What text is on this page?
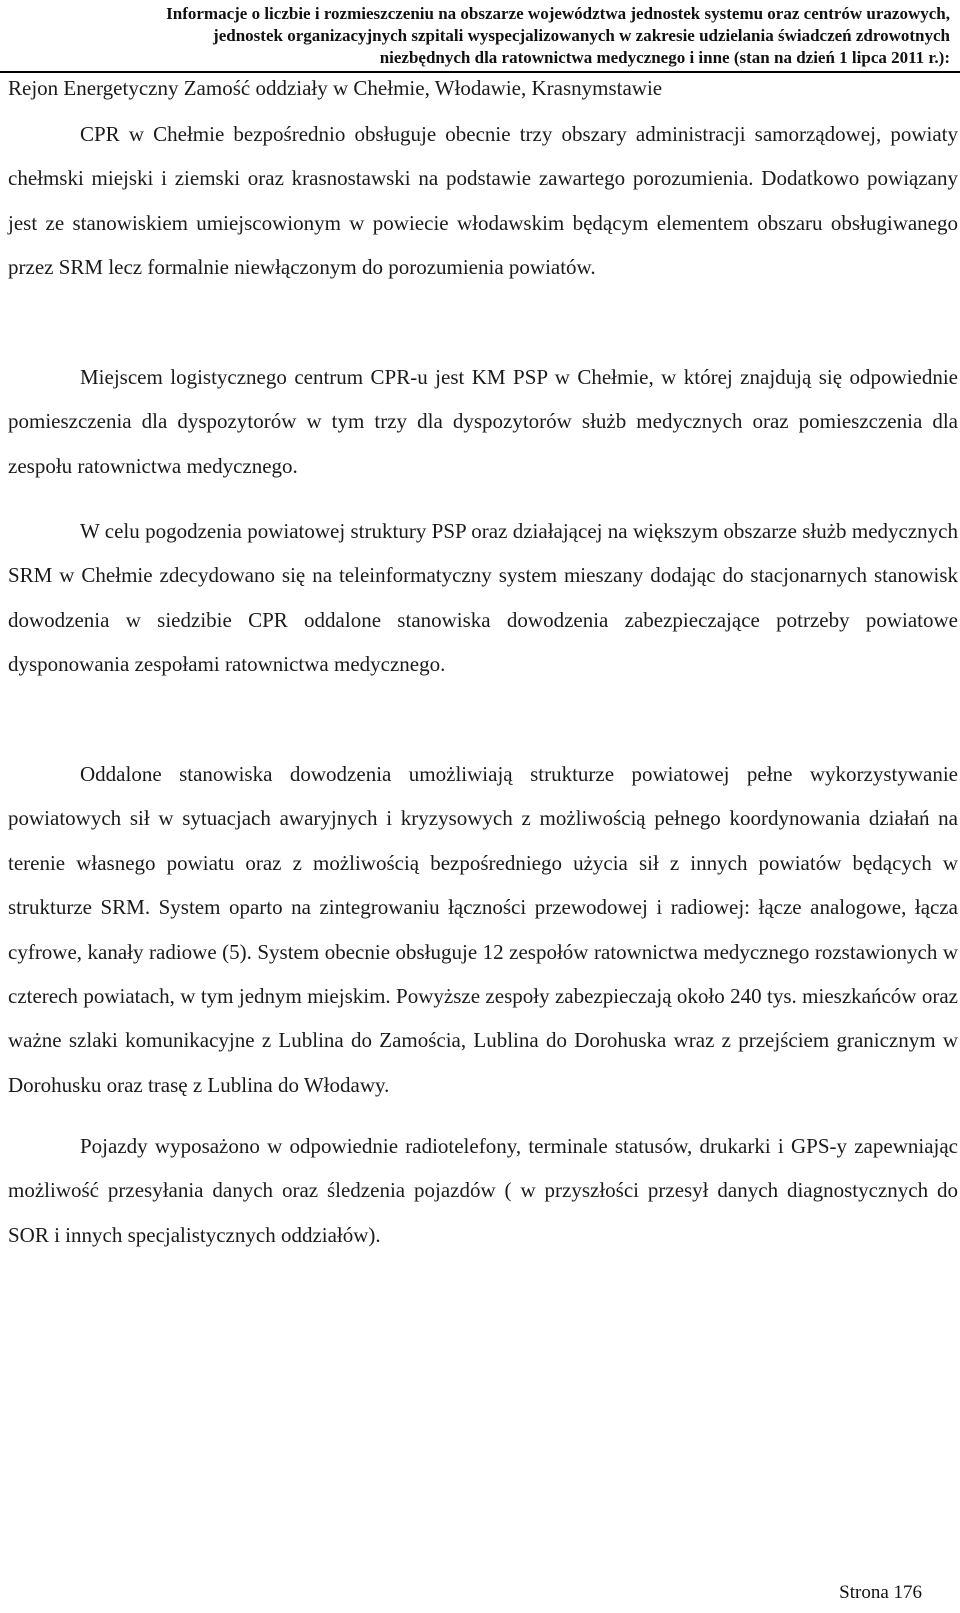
Informacje o liczbie i rozmieszczeniu na obszarze województwa jednostek systemu oraz centrów urazowych,
jednostek organizacyjnych szpitali wyspecjalizowanych w zakresie udzielania świadczeń zdrowotnych
niezbędnych dla ratownictwa medycznego i inne (stan na dzień 1 lipca 2011 r.):
Rejon Energetyczny Zamość oddziały w Chełmie, Włodawie, Krasnymstawie

CPR w Chełmie bezpośrednio obsługuje obecnie trzy obszary administracji samorządowej, powiaty chełmski miejski i ziemski oraz krasnostawski na podstawie zawartego porozumienia. Dodatkowo powiązany jest ze stanowiskiem umiejscowionym w powiecie włodawskim będącym elementem obszaru obsługiwanego przez SRM lecz formalnie niewłączonym do porozumienia powiatów.

Miejscem logistycznego centrum CPR-u jest KM PSP w Chełmie, w której znajdują się odpowiednie pomieszczenia dla dyspozytorów w tym trzy dla dyspozytorów służb medycznych oraz pomieszczenia dla zespołu ratownictwa medycznego.

W celu pogodzenia powiatowej struktury PSP oraz działającej na większym obszarze służb medycznych SRM w Chełmie zdecydowano się na teleinformatyczny system mieszany dodając do stacjonarnych stanowisk dowodzenia w siedzibie CPR oddalone stanowiska dowodzenia zabezpieczające potrzeby powiatowe dysponowania zespołami ratownictwa medycznego.

Oddalone stanowiska dowodzenia umożliwiają strukturze powiatowej pełne wykorzystywanie powiatowych sił w sytuacjach awaryjnych i kryzysowych z możliwością pełnego koordynowania działań na terenie własnego powiatu oraz z możliwością bezpośredniego użycia sił z innych powiatów będących w strukturze SRM. System oparto na zintegrowaniu łączności przewodowej i radiowej: łącze analogowe, łącza cyfrowe, kanały radiowe (5). System obecnie obsługuje 12 zespołów ratownictwa medycznego rozstawionych w czterech powiatach, w tym jednym miejskim. Powyższe zespoły zabezpieczają około 240 tys. mieszkańców oraz ważne szlaki komunikacyjne z Lublina do Zamościa, Lublina do Dorohuska wraz z przejściem granicznym w Dorohusku oraz trasę z Lublina do Włodawy.

Pojazdy wyposażono w odpowiednie radiotelefony, terminale statusów, drukarki i GPS-y zapewniając możliwość przesyłania danych oraz śledzenia pojazdów ( w przyszłości przesył danych diagnostycznych do SOR i innych specjalistycznych oddziałów).

Strona 176
